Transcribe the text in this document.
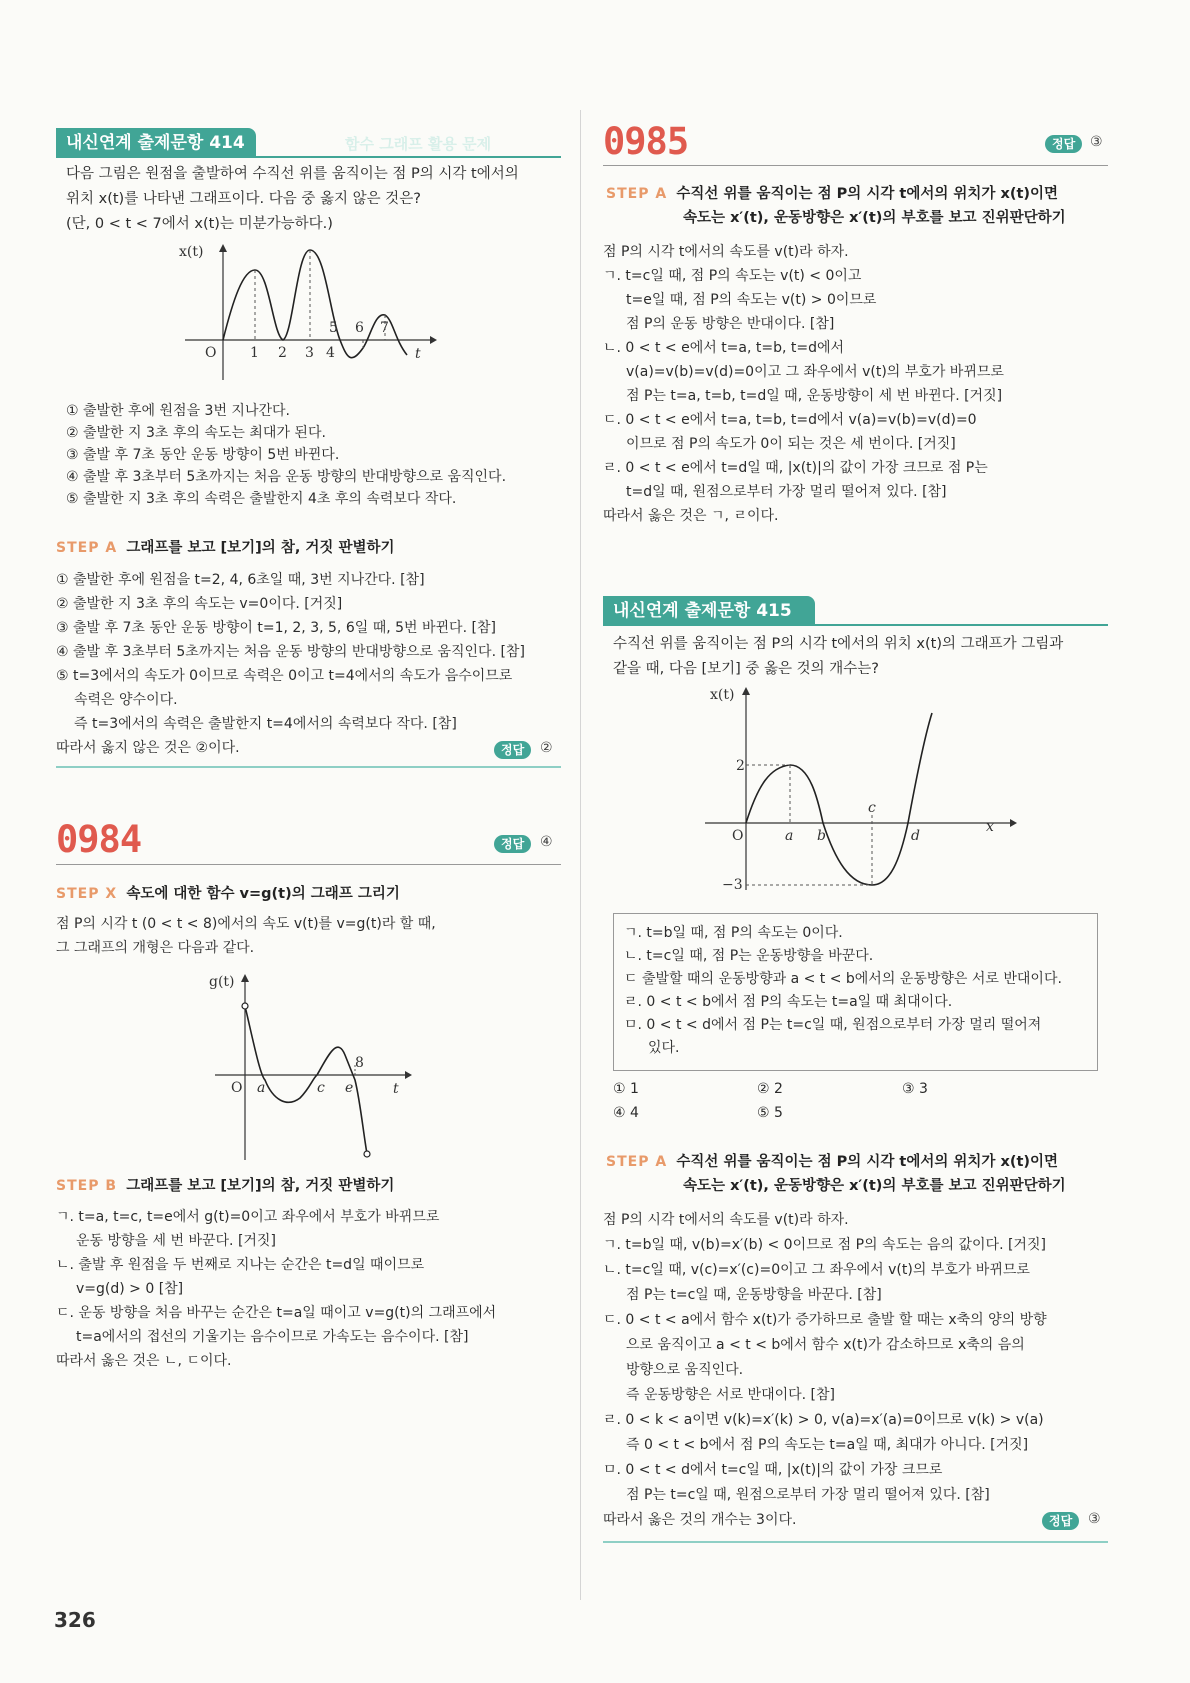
내신연계 출제문항 414	함수 그래프 활용 문제
다음 그림은 원점을 출발하여 수직선 위를 움직이는 점 P의 시각 t에서의
위치 x(t)를 나타낸 그래프이다. 다음 중 옳지 않은 것은?
(단, 0 < t < 7에서 x(t)는 미분가능하다.)
x(t)
t
O 1 2 3 4
5 6 7
① 출발한 후에 원점을 3번 지나간다.
② 출발한 지 3초 후의 속도는 최대가 된다.
③ 출발 후 7초 동안 운동 방향이 5번 바뀐다.
④ 출발 후 3초부터 5초까지는 처음 운동 방향의 반대방향으로 움직인다.
⑤ 출발한 지 3초 후의 속력은 출발한지 4초 후의 속력보다 작다.
STEP A 그래프를 보고 [보기]의 참, 거짓 판별하기
① 출발한 후에 원점을 t=2, 4, 6초일 때, 3번 지나간다. [참]
② 출발한 지 3초 후의 속도는 v=0이다. [거짓]
③ 출발 후 7초 동안 운동 방향이 t=1, 2, 3, 5, 6일 때, 5번 바뀐다. [참]
④ 출발 후 3초부터 5초까지는 처음 운동 방향의 반대방향으로 움직인다. [참]
⑤ t=3에서의 속도가 0이므로 속력은 0이고 t=4에서의 속도가 음수이므로
속력은 양수이다.
즉 t=3에서의 속력은 출발한지 t=4에서의 속력보다 작다. [참]
따라서 옳지 않은 것은 ②이다.	정답	②
0984	정답	④
STEP X 속도에 대한 함수 v=g(t)의 그래프 그리기
점 P의 시각 t (0 < t < 8)에서의 속도 v(t)를 v=g(t)라 할 때,
그 그래프의 개형은 다음과 같다.
g(t)
t
O a	c e
8
STEP B 그래프를 보고 [보기]의 참, 거짓 판별하기
ㄱ. t=a, t=c, t=e에서 g(t)=0이고 좌우에서 부호가 바뀌므로
운동 방향을 세 번 바꾼다. [거짓]
ㄴ. 출발 후 원점을 두 번째로 지나는 순간은 t=d일 때이므로
v=g(d) > 0 [참]
ㄷ. 운동 방향을 처음 바꾸는 순간은 t=a일 때이고 v=g(t)의 그래프에서
t=a에서의 접선의 기울기는 음수이므로 가속도는 음수이다. [참]
따라서 옳은 것은 ㄴ, ㄷ이다.
326
0985	정답	③
STEP A 수직선 위를 움직이는 점 P의 시각 t에서의 위치가 x(t)이면
속도는 x′(t), 운동방향은 x′(t)의 부호를 보고 진위판단하기
점 P의 시각 t에서의 속도를 v(t)라 하자.
ㄱ. t=c일 때, 점 P의 속도는 v(t) < 0이고
t=e일 때, 점 P의 속도는 v(t) > 0이므로
점 P의 운동 방향은 반대이다. [참]
ㄴ. 0 < t < e에서 t=a, t=b, t=d에서
v(a)=v(b)=v(d)=0이고 그 좌우에서 v(t)의 부호가 바뀌므로
점 P는 t=a, t=b, t=d일 때, 운동방향이 세 번 바뀐다. [거짓]
ㄷ. 0 < t < e에서 t=a, t=b, t=d에서 v(a)=v(b)=v(d)=0
이므로 점 P의 속도가 0이 되는 것은 세 번이다. [거짓]
ㄹ. 0 < t < e에서 t=d일 때, |x(t)|의 값이 가장 크므로 점 P는
t=d일 때, 원점으로부터 가장 멀리 떨어져 있다. [참]
따라서 옳은 것은 ㄱ, ㄹ이다.
내신연계 출제문항 415
수직선 위를 움직이는 점 P의 시각 t에서의 위치 x(t)의 그래프가 그림과
같을 때, 다음 [보기] 중 옳은 것의 개수는?
x(t)
x
O
2
−3
a b
c
d
ㄱ. t=b일 때, 점 P의 속도는 0이다.
ㄴ. t=c일 때, 점 P는 운동방향을 바꾼다.
ㄷ 출발할 때의 운동방향과 a < t < b에서의 운동방향은 서로 반대이다.
ㄹ. 0 < t < b에서 점 P의 속도는 t=a일 때 최대이다.
ㅁ. 0 < t < d에서 점 P는 t=c일 때, 원점으로부터 가장 멀리 떨어져
있다.
① 1	② 2	③ 3
④ 4	⑤ 5
STEP A 수직선 위를 움직이는 점 P의 시각 t에서의 위치가 x(t)이면
속도는 x′(t), 운동방향은 x′(t)의 부호를 보고 진위판단하기
점 P의 시각 t에서의 속도를 v(t)라 하자.
ㄱ. t=b일 때, v(b)=x′(b) < 0이므로 점 P의 속도는 음의 값이다. [거짓]
ㄴ. t=c일 때, v(c)=x′(c)=0이고 그 좌우에서 v(t)의 부호가 바뀌므로
점 P는 t=c일 때, 운동방향을 바꾼다. [참]
ㄷ. 0 < t < a에서 함수 x(t)가 증가하므로 출발 할 때는 x축의 양의 방향
으로 움직이고 a < t < b에서 함수 x(t)가 감소하므로 x축의 음의
방향으로 움직인다.
즉 운동방향은 서로 반대이다. [참]
ㄹ. 0 < k < a이면 v(k)=x′(k) > 0, v(a)=x′(a)=0이므로 v(k) > v(a)
즉 0 < t < b에서 점 P의 속도는 t=a일 때, 최대가 아니다. [거짓]
ㅁ. 0 < t < d에서 t=c일 때, |x(t)|의 값이 가장 크므로
점 P는 t=c일 때, 원점으로부터 가장 멀리 떨어져 있다. [참]
따라서 옳은 것의 개수는 3이다.	정답	③
